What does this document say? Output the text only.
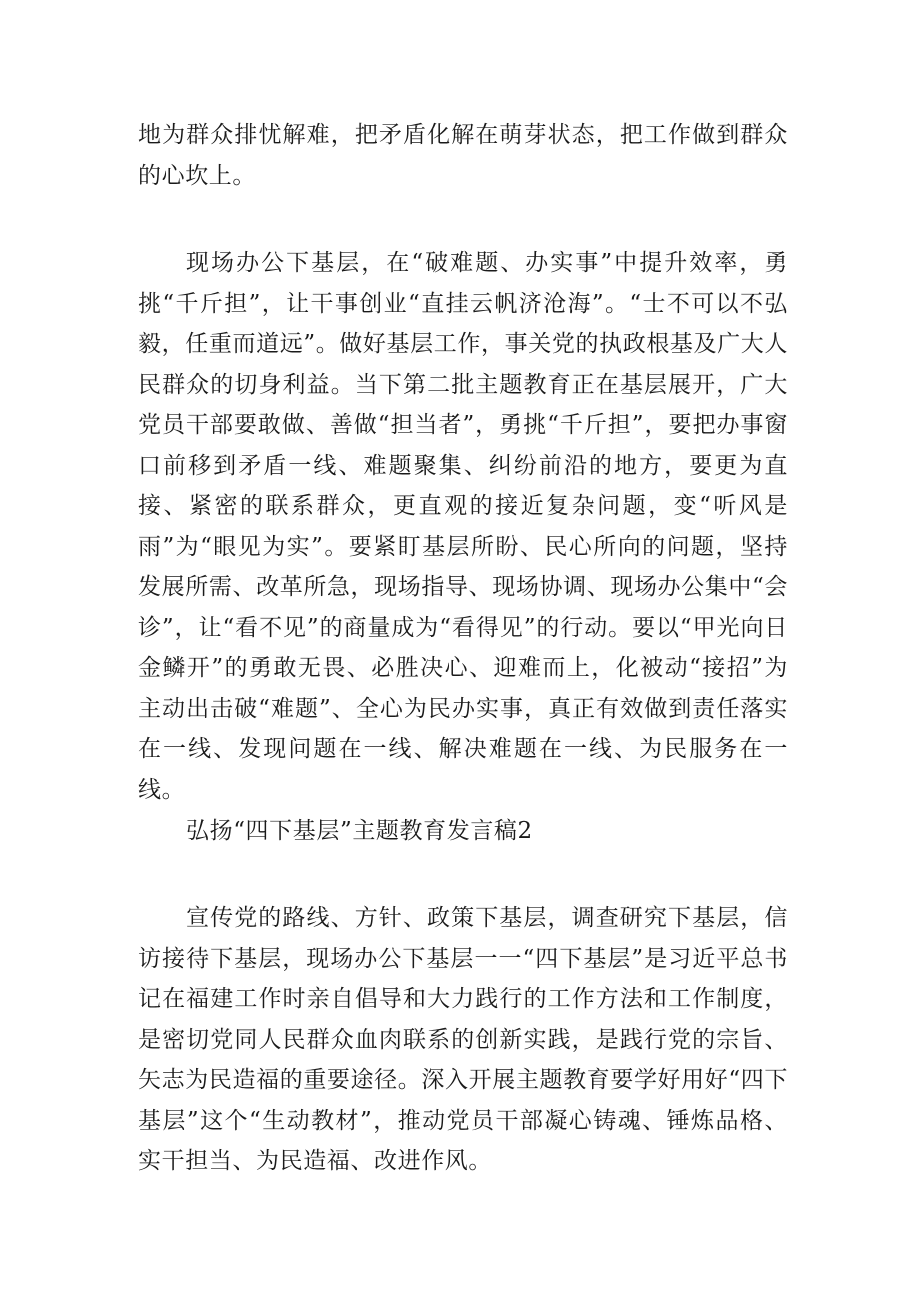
地为群众排忧解难，把矛盾化解在萌芽状态，把工作做到群众的心坎上。

现场办公下基层，在“破难题、办实事”中提升效率，勇挑“千斤担”，让干事创业“直挂云帆济沧海”。“士不可以不弘毅，任重而道远”。做好基层工作，事关党的执政根基及广大人民群众的切身利益。当下第二批主题教育正在基层展开，广大党员干部要敢做、善做“担当者”，勇挑“千斤担”，要把办事窗口前移到矛盾一线、难题聚集、纠纷前沿的地方，要更为直接、紧密的联系群众，更直观的接近复杂问题，变“听风是雨”为“眼见为实”。要紧盯基层所盼、民心所向的问题，坚持发展所需、改革所急，现场指导、现场协调、现场办公集中“会诊”，让“看不见”的商量成为“看得见”的行动。要以“甲光向日金鳞开”的勇敢无畏、必胜决心、迎难而上，化被动“接招”为主动出击破“难题”、全心为民办实事，真正有效做到责任落实在一线、发现问题在一线、解决难题在一线、为民服务在一线。

弘扬“四下基层”主题教育发言稿2

宣传党的路线、方针、政策下基层，调查研究下基层，信访接待下基层，现场办公下基层一一“四下基层”是习近平总书记在福建工作时亲自倡导和大力践行的工作方法和工作制度，是密切党同人民群众血肉联系的创新实践，是践行党的宗旨、矢志为民造福的重要途径。深入开展主题教育要学好用好“四下基层”这个“生动教材”，推动党员干部凝心铸魂、锤炼品格、实干担当、为民造福、改进作风。
